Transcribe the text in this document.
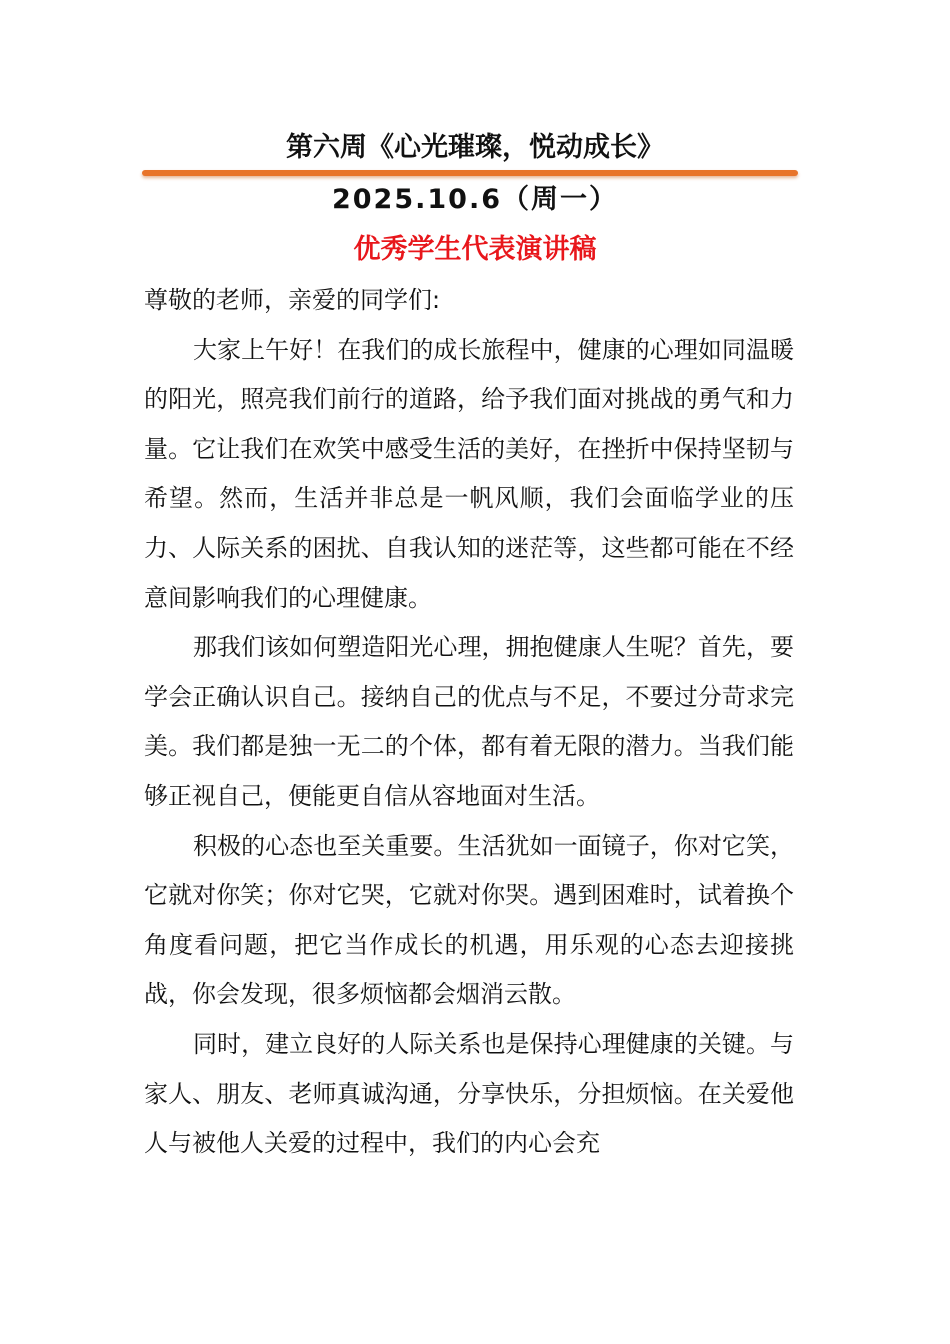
第六周《心光璀璨，悦动成长》
2025.10.6（周一）
优秀学生代表演讲稿

尊敬的老师，亲爱的同学们:

大家上午好！在我们的成长旅程中，健康的心理如同温暖的阳光，照亮我们前行的道路，给予我们面对挑战的勇气和力量。它让我们在欢笑中感受生活的美好，在挫折中保持坚韧与希望。然而，生活并非总是一帆风顺，我们会面临学业的压力、人际关系的困扰、自我认知的迷茫等，这些都可能在不经意间影响我们的心理健康。

那我们该如何塑造阳光心理，拥抱健康人生呢？首先，要学会正确认识自己。接纳自己的优点与不足，不要过分苛求完美。我们都是独一无二的个体，都有着无限的潜力。当我们能够正视自己，便能更自信从容地面对生活。

积极的心态也至关重要。生活犹如一面镜子，你对它笑，它就对你笑；你对它哭，它就对你哭。遇到困难时，试着换个角度看问题，把它当作成长的机遇，用乐观的心态去迎接挑战，你会发现，很多烦恼都会烟消云散。

同时，建立良好的人际关系也是保持心理健康的关键。与家人、朋友、老师真诚沟通，分享快乐，分担烦恼。在关爱他人与被他人关爱的过程中，我们的内心会充
